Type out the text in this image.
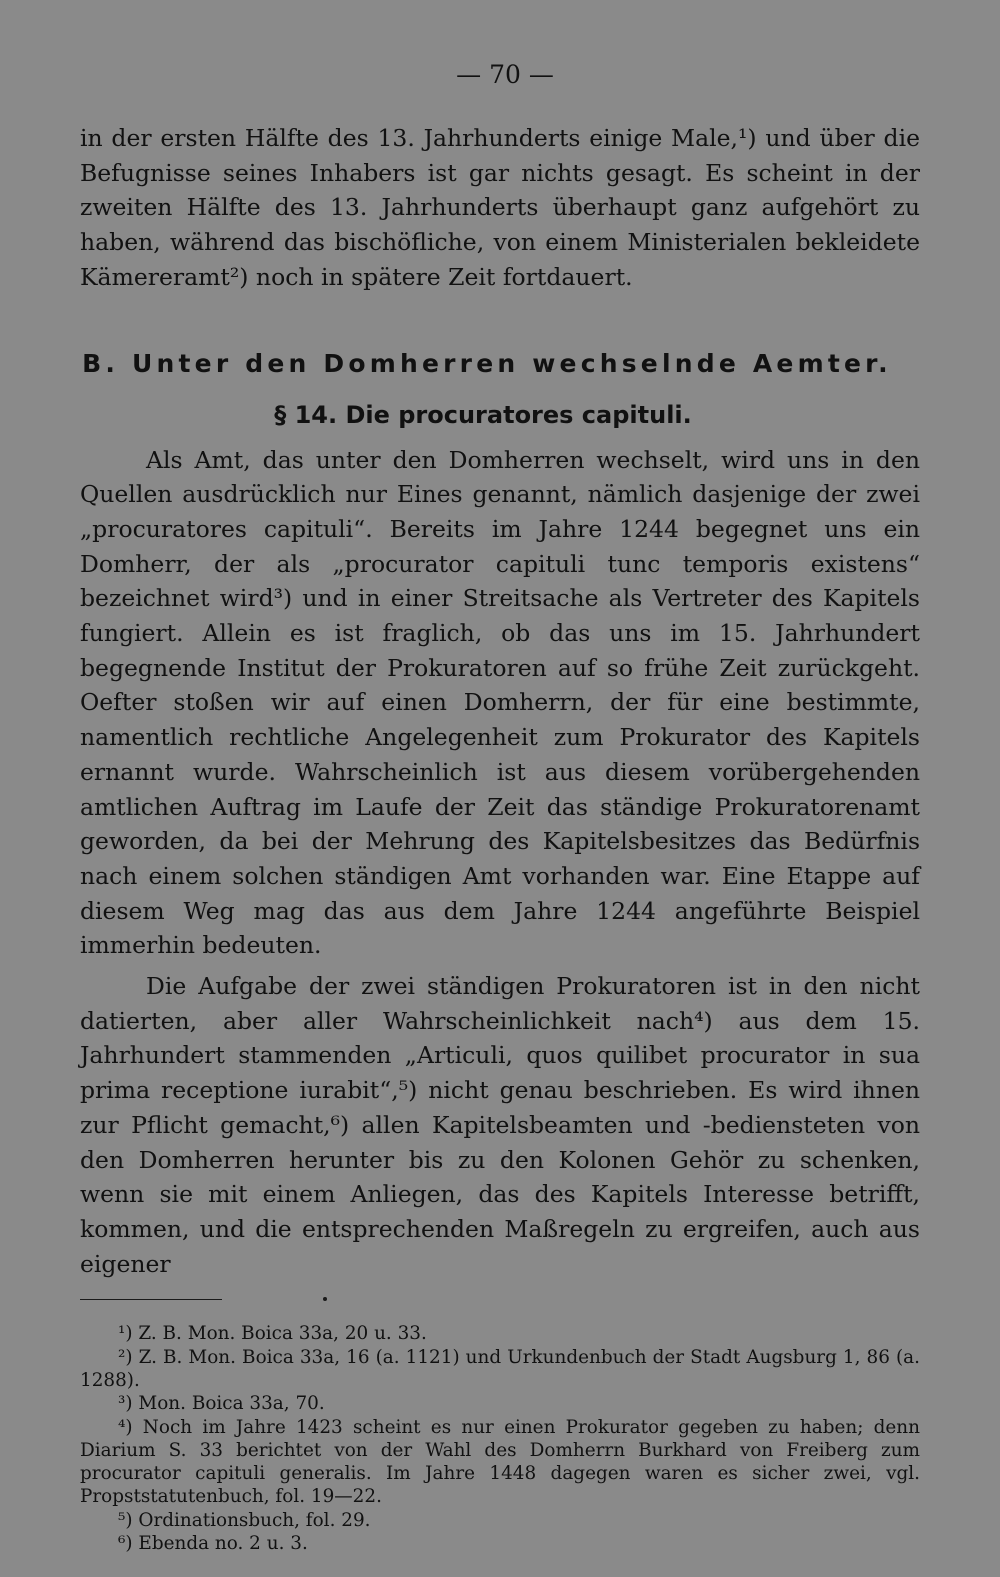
— 70 —

in der ersten Hälfte des 13. Jahrhunderts einige Male,¹) und über die Befugnisse seines Inhabers ist gar nichts gesagt. Es scheint in der zweiten Hälfte des 13. Jahrhunderts überhaupt ganz aufgehört zu haben, während das bischöfliche, von einem Ministerialen bekleidete Kämereramt²) noch in spätere Zeit fortdauert.

B. Unter den Domherren wechselnde Aemter.
§ 14. Die procuratores capituli.

Als Amt, das unter den Domherren wechselt, wird uns in den Quellen ausdrücklich nur Eines genannt, nämlich dasjenige der zwei „procuratores capituli“. Bereits im Jahre 1244 begegnet uns ein Domherr, der als „procurator capituli tunc temporis existens“ bezeichnet wird³) und in einer Streitsache als Vertreter des Kapitels fungiert. Allein es ist fraglich, ob das uns im 15. Jahrhundert begegnende Institut der Prokuratoren auf so frühe Zeit zurückgeht. Oefter stoßen wir auf einen Domherrn, der für eine bestimmte, namentlich rechtliche Angelegenheit zum Prokurator des Kapitels ernannt wurde. Wahrscheinlich ist aus diesem vorübergehenden amtlichen Auftrag im Laufe der Zeit das ständige Prokuratorenamt geworden, da bei der Mehrung des Kapitelsbesitzes das Bedürfnis nach einem solchen ständigen Amt vorhanden war. Eine Etappe auf diesem Weg mag das aus dem Jahre 1244 angeführte Beispiel immerhin bedeuten.

Die Aufgabe der zwei ständigen Prokuratoren ist in den nicht datierten, aber aller Wahrscheinlichkeit nach⁴) aus dem 15. Jahrhundert stammenden „Articuli, quos quilibet procurator in sua prima receptione iurabit“,⁵) nicht genau beschrieben. Es wird ihnen zur Pflicht gemacht,⁶) allen Kapitelsbeamten und -bediensteten von den Domherren herunter bis zu den Kolonen Gehör zu schenken, wenn sie mit einem Anliegen, das des Kapitels Interesse betrifft, kommen, und die entsprechenden Maßregeln zu ergreifen, auch aus eigener

¹) Z. B. Mon. Boica 33a, 20 u. 33.

²) Z. B. Mon. Boica 33a, 16 (a. 1121) und Urkundenbuch der Stadt Augsburg 1, 86 (a. 1288).

³) Mon. Boica 33a, 70.

⁴) Noch im Jahre 1423 scheint es nur einen Prokurator gegeben zu haben; denn Diarium S. 33 berichtet von der Wahl des Domherrn Burkhard von Freiberg zum procurator capituli generalis. Im Jahre 1448 dagegen waren es sicher zwei, vgl. Propststatutenbuch, fol. 19—22.

⁵) Ordinationsbuch, fol. 29.

⁶) Ebenda no. 2 u. 3.
